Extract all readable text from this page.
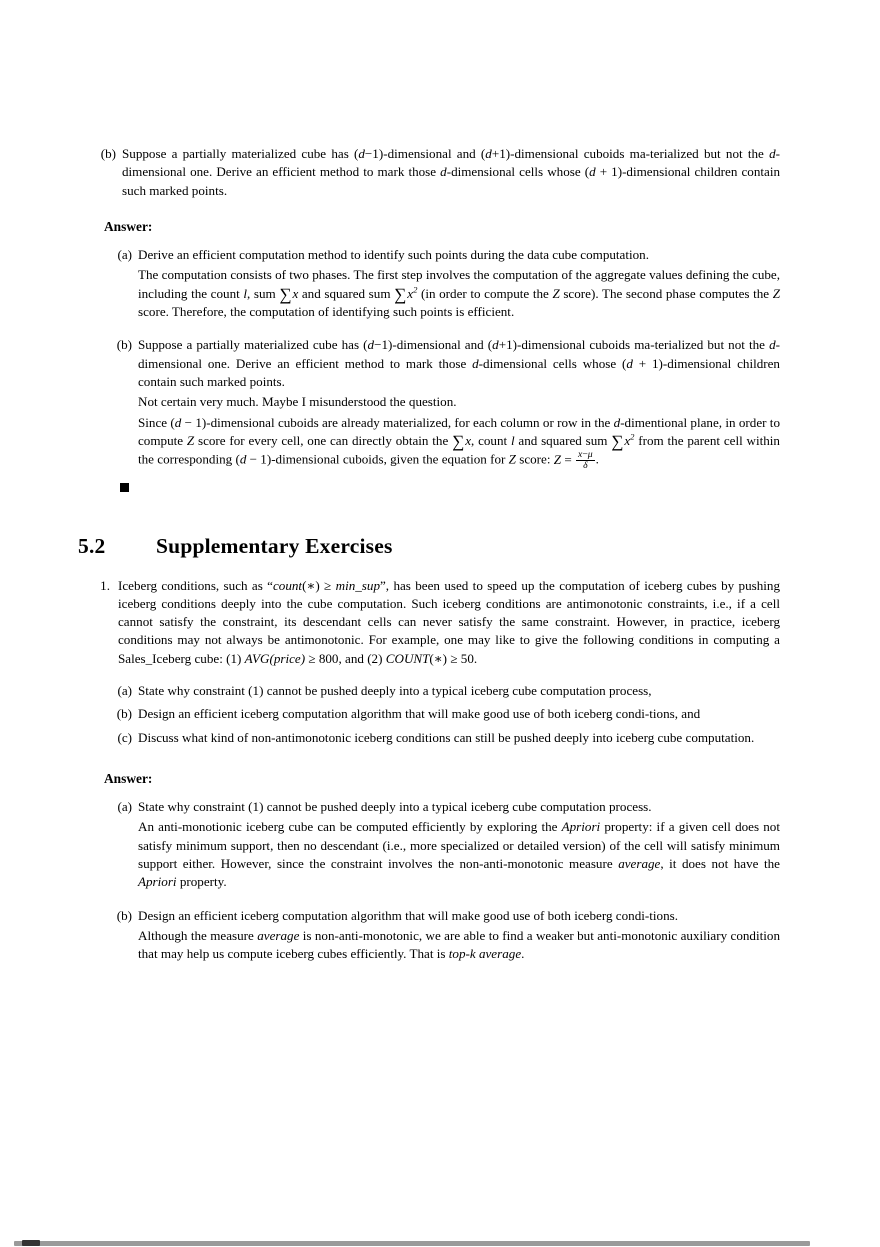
(b) Suppose a partially materialized cube has (d−1)-dimensional and (d+1)-dimensional cuboids ma-terialized but not the d-dimensional one. Derive an efficient method to mark those d-dimensional cells whose (d + 1)-dimensional children contain such marked points.

Answer:

(a) Derive an efficient computation method to identify such points during the data cube computation.

The computation consists of two phases. The first step involves the computation of the aggregate values defining the cube, including the count l, sum ∑x and squared sum $\sum x^2$ (in order to compute the Z score). The second phase computes the Z score. Therefore, the computation of identifying such points is efficient.

(b) Suppose a partially materialized cube has (d−1)-dimensional and (d+1)-dimensional cuboids ma-terialized but not the d-dimensional one. Derive an efficient method to mark those d-dimensional cells whose (d + 1)-dimensional children contain such marked points.

Not certain very much. Maybe I misunderstood the question.

Since (d − 1)-dimensional cuboids are already materialized, for each column or row in the d-dimentional plane, in order to compute Z score for every cell, one can directly obtain the ∑x, count l and squared sum $\sum x^2$ from the parent cell within the corresponding (d − 1)-dimensional cuboids, given the equation for Z score: $Z = \frac{x-\mu}{\delta}$ .

5.2	Supplementary Exercises
1. Iceberg conditions, such as “count(∗) ≥ min_sup”, has been used to speed up the computation of iceberg cubes by pushing iceberg conditions deeply into the cube computation. Such iceberg conditions are antimonotonic constraints, i.e., if a cell cannot satisfy the constraint, its descendant cells can never satisfy the same constraint. However, in practice, iceberg conditions may not always be antimonotonic. For example, one may like to give the following conditions in computing a Sales_Iceberg cube: (1) AVG(price) ≥ 800, and (2) COUNT(∗) ≥ 50.

(a) State why constraint (1) cannot be pushed deeply into a typical iceberg cube computation process,

(b) Design an efficient iceberg computation algorithm that will make good use of both iceberg condi-tions, and

(c) Discuss what kind of non-antimonotonic iceberg conditions can still be pushed deeply into iceberg cube computation.

Answer:

(a) State why constraint (1) cannot be pushed deeply into a typical iceberg cube computation process.

An anti-monotionic iceberg cube can be computed efficiently by exploring the Apriori property: if a given cell does not satisfy minimum support, then no descendant (i.e., more specialized or detailed version) of the cell will satisfy minimum support either. However, since the constraint involves the non-anti-monotonic measure average, it does not have the Apriori property.

(b) Design an efficient iceberg computation algorithm that will make good use of both iceberg condi-tions.

Although the measure average is non-anti-monotonic, we are able to find a weaker but anti-monotonic auxiliary condition that may help us compute iceberg cubes efficiently. That is top-k average.
